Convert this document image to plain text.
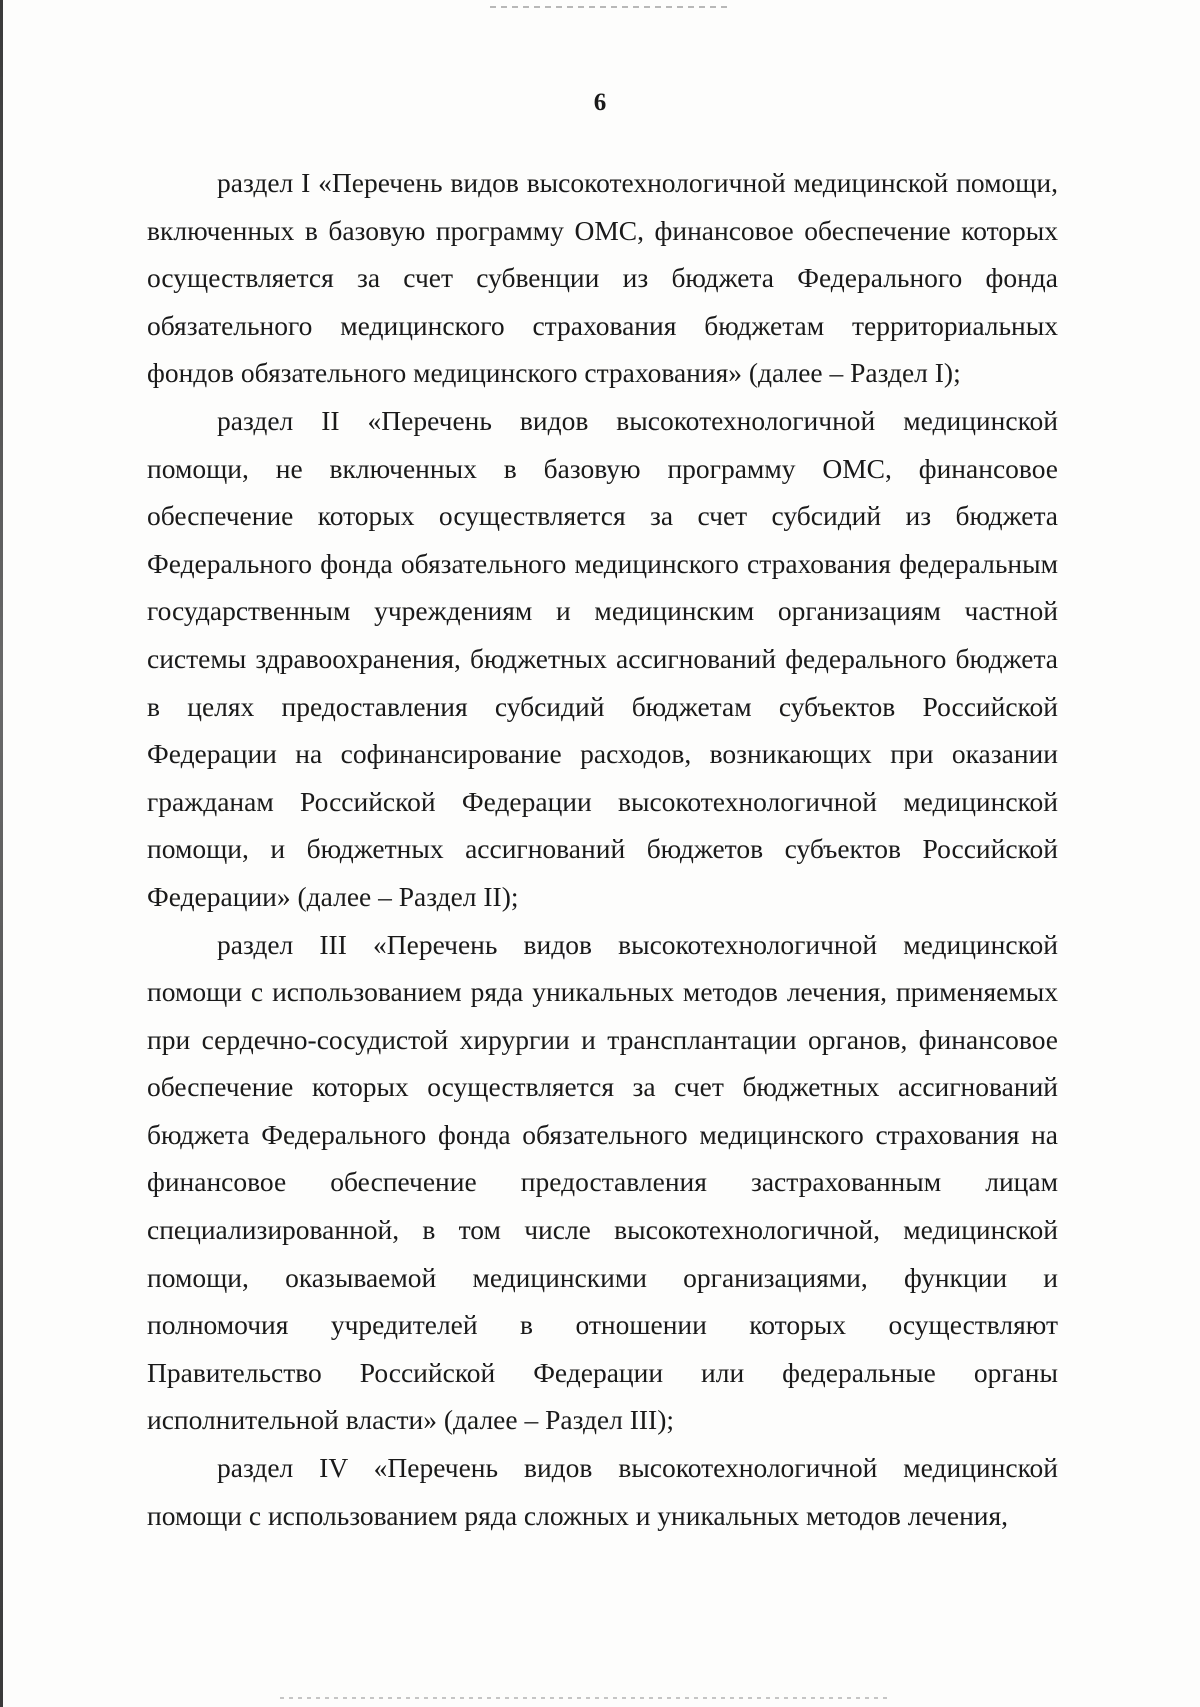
6

раздел I «Перечень видов высокотехнологичной медицинской помощи, включенных в базовую программу ОМС, финансовое обеспечение которых осуществляется за счет субвенции из бюджета Федерального фонда обязательного медицинского страхования бюджетам территориальных фондов обязательного медицинского страхования» (далее – Раздел I);

раздел II «Перечень видов высокотехнологичной медицинской помощи, не включенных в базовую программу ОМС, финансовое обеспечение которых осуществляется за счет субсидий из бюджета Федерального фонда обязательного медицинского страхования федеральным государственным учреждениям и медицинским организациям частной системы здравоохранения, бюджетных ассигнований федерального бюджета в целях предоставления субсидий бюджетам субъектов Российской Федерации на софинансирование расходов, возникающих при оказании гражданам Российской Федерации высокотехнологичной медицинской помощи, и бюджетных ассигнований бюджетов субъектов Российской Федерации» (далее – Раздел II);

раздел III «Перечень видов высокотехнологичной медицинской помощи с использованием ряда уникальных методов лечения, применяемых при сердечно-сосудистой хирургии и трансплантации органов, финансовое обеспечение которых осуществляется за счет бюджетных ассигнований бюджета Федерального фонда обязательного медицинского страхования на финансовое обеспечение предоставления застрахованным лицам специализированной, в том числе высокотехнологичной, медицинской помощи, оказываемой медицинскими организациями, функции и полномочия учредителей в отношении которых осуществляют Правительство Российской Федерации или федеральные органы исполнительной власти» (далее – Раздел III);

раздел IV «Перечень видов высокотехнологичной медицинской помощи с использованием ряда сложных и уникальных методов лечения,
